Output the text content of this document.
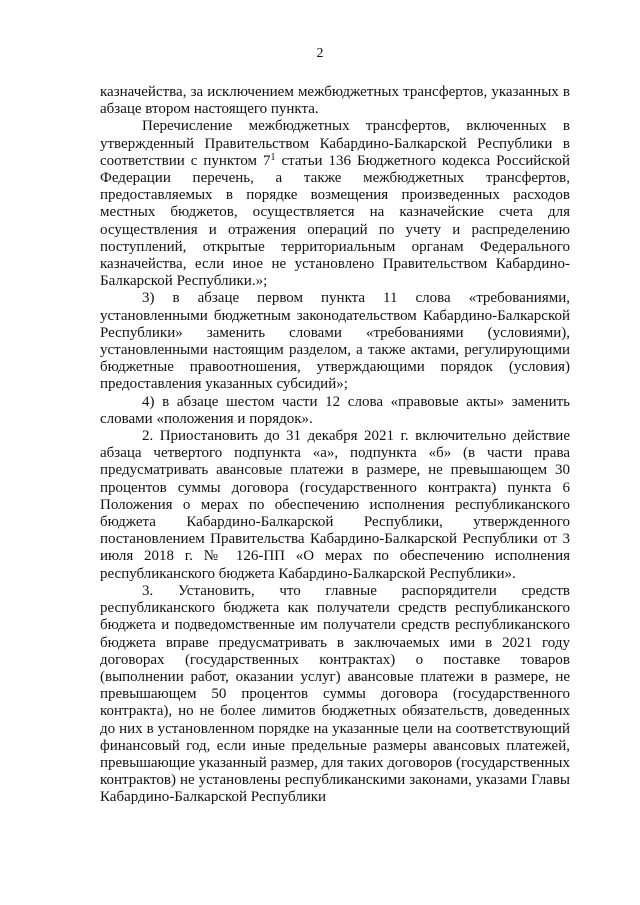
2

казначейства, за исключением межбюджетных трансфертов, указанных в абзаце втором настоящего пункта.

Перечисление межбюджетных трансфертов, включенных в утвержденный Правительством Кабардино-Балкарской Республики в соответствии с пунктом $7^1$ статьи 136 Бюджетного кодекса Российской Федерации перечень, а также межбюджетных трансфертов, предоставляемых в порядке возмещения произведенных расходов местных бюджетов, осуществляется на казначейские счета для осуществления и отражения операций по учету и распределению поступлений, открытые территориальным органам Федерального казначейства, если иное не установлено Правительством Кабардино-Балкарской Республики.»;

3) в абзаце первом пункта 11 слова «требованиями, установленными бюджетным законодательством Кабардино-Балкарской Республики» заменить словами «требованиями (условиями), установленными настоящим разделом, а также актами, регулирующими бюджетные правоотношения, утверждающими порядок (условия) предоставления указанных субсидий»;

4) в абзаце шестом части 12 слова «правовые акты» заменить словами «положения и порядок».

2. Приостановить до 31 декабря 2021 г. включительно действие абзаца четвертого подпункта «а», подпункта «б» (в части права предусматривать авансовые платежи в размере, не превышающем 30 процентов суммы договора (государственного контракта) пункта 6 Положения о мерах по обеспечению исполнения республиканского бюджета Кабардино-Балкарской Республики, утвержденного постановлением Правительства Кабардино-Балкарской Республики от 3 июля 2018 г. № 126-ПП «О мерах по обеспечению исполнения республиканского бюджета Кабардино-Балкарской Республики».

3. Установить, что главные распорядители средств республиканского бюджета как получатели средств республиканского бюджета и подведомственные им получатели средств республиканского бюджета вправе предусматривать в заключаемых ими в 2021 году договорах (государственных контрактах) о поставке товаров (выполнении работ, оказании услуг) авансовые платежи в размере, не превышающем 50 процентов суммы договора (государственного контракта), но не более лимитов бюджетных обязательств, доведенных до них в установленном порядке на указанные цели на соответствующий финансовый год, если иные предельные размеры авансовых платежей, превышающие указанный размер, для таких договоров (государственных контрактов) не установлены республиканскими законами, указами Главы Кабардино-Балкарской Республики
